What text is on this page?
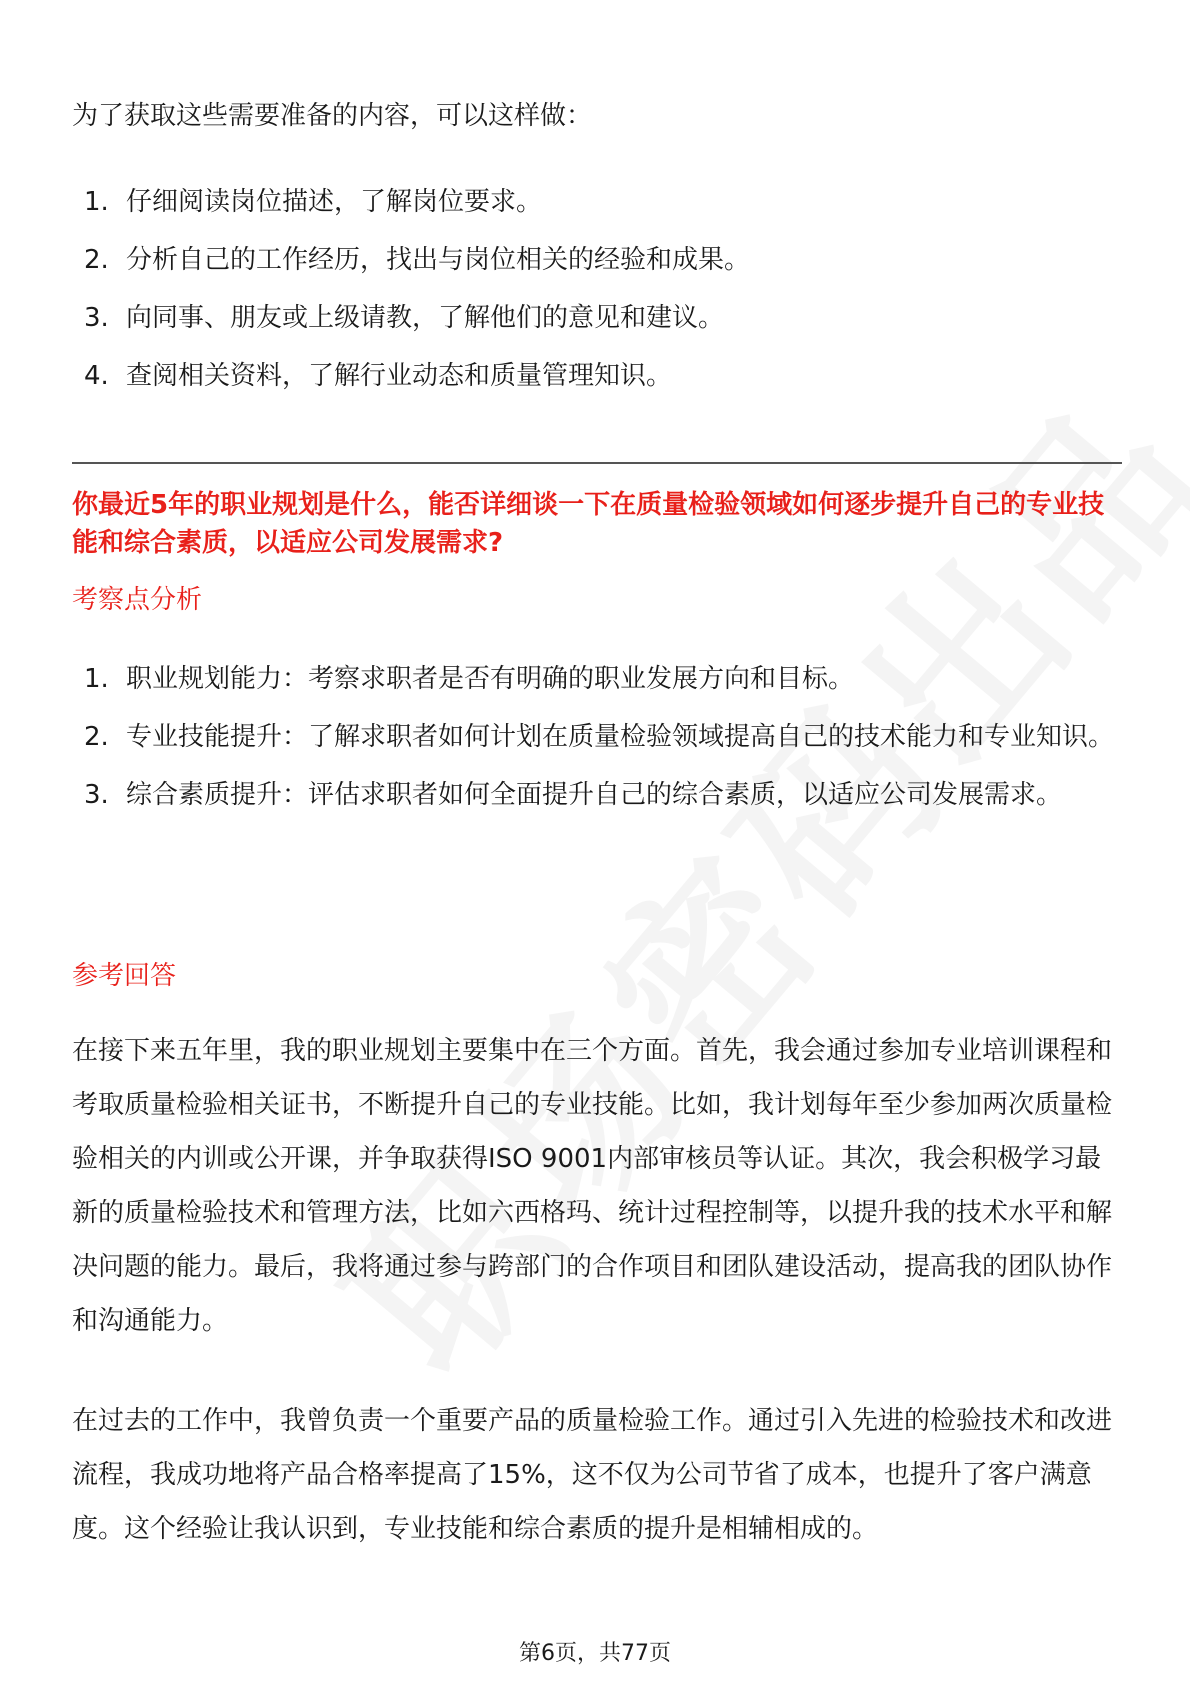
为了获取这些需要准备的内容，可以这样做：
1. 仔细阅读岗位描述，了解岗位要求。
2. 分析自己的工作经历，找出与岗位相关的经验和成果。
3. 向同事、朋友或上级请教，了解他们的意见和建议。
4. 查阅相关资料，了解行业动态和质量管理知识。
你最近5年的职业规划是什么，能否详细谈一下在质量检验领域如何逐步提升自己的专业技能和综合素质，以适应公司发展需求?
考察点分析
1. 职业规划能力：考察求职者是否有明确的职业发展方向和目标。
2. 专业技能提升：了解求职者如何计划在质量检验领域提高自己的技术能力和专业知识。
3. 综合素质提升：评估求职者如何全面提升自己的综合素质，以适应公司发展需求。
参考回答

在接下来五年里，我的职业规划主要集中在三个方面。首先，我会通过参加专业培训课程和考取质量检验相关证书，不断提升自己的专业技能。比如，我计划每年至少参加两次质量检验相关的内训或公开课，并争取获得ISO 9001内部审核员等认证。其次，我会积极学习最新的质量检验技术和管理方法，比如六西格玛、统计过程控制等，以提升我的技术水平和解决问题的能力。最后，我将通过参与跨部门的合作项目和团队建设活动，提高我的团队协作和沟通能力。

在过去的工作中，我曾负责一个重要产品的质量检验工作。通过引入先进的检验技术和改进流程，我成功地将产品合格率提高了15%，这不仅为公司节省了成本，也提升了客户满意度。这个经验让我认识到，专业技能和综合素质的提升是相辅相成的。

第6页，共77页
